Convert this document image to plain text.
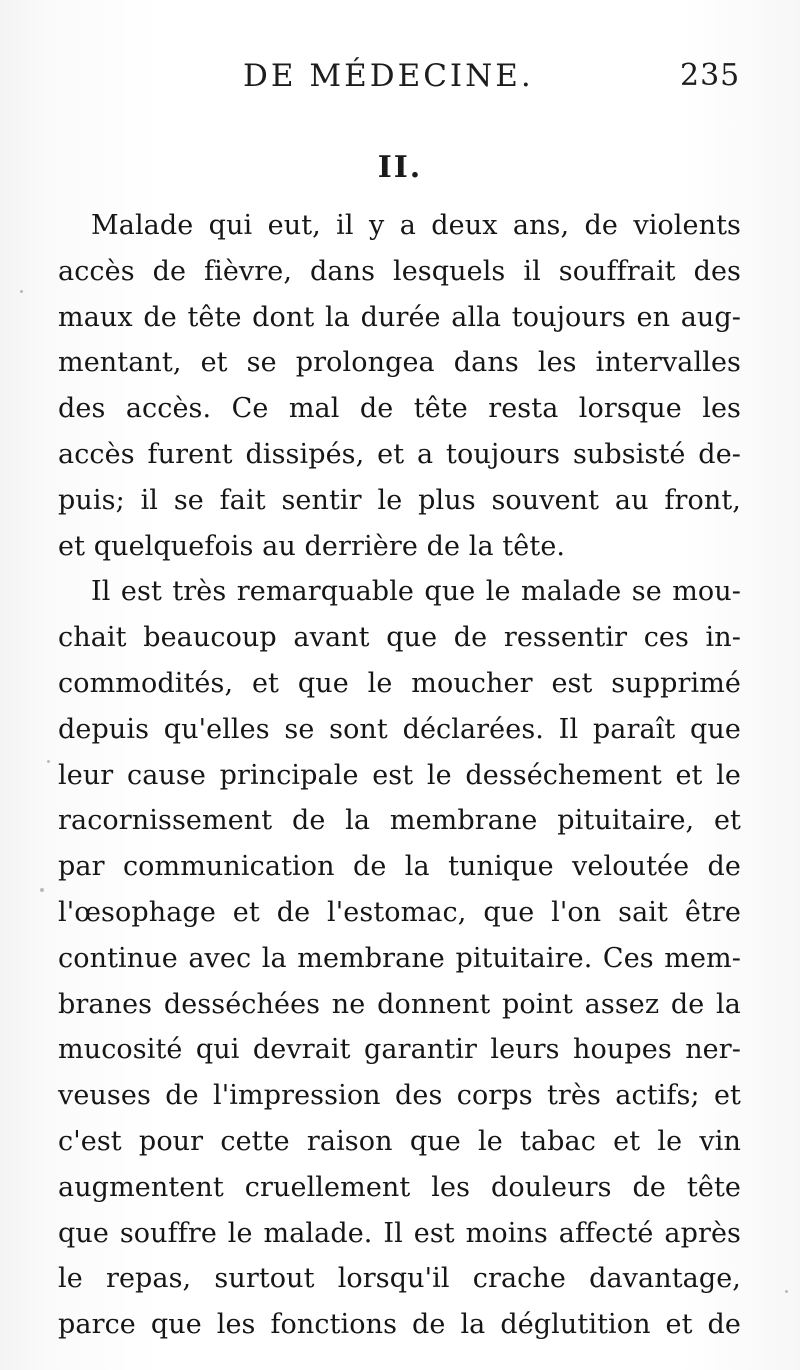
DE MÉDECINE.	235
II.
Malade qui eut, il y a deux ans, de violents
accès de fièvre, dans lesquels il souffrait des
maux de tête dont la durée alla toujours en aug-
mentant, et se prolongea dans les intervalles
des accès. Ce mal de tête resta lorsque les
accès furent dissipés, et a toujours subsisté de-
puis; il se fait sentir le plus souvent au front,
et quelquefois au derrière de la tête.
Il est très remarquable que le malade se mou-
chait beaucoup avant que de ressentir ces in-
commodités, et que le moucher est supprimé
depuis qu'elles se sont déclarées. Il paraît que
leur cause principale est le desséchement et le
racornissement de la membrane pituitaire, et
par communication de la tunique veloutée de
l'œsophage et de l'estomac, que l'on sait être
continue avec la membrane pituitaire. Ces mem-
branes desséchées ne donnent point assez de la
mucosité qui devrait garantir leurs houpes ner-
veuses de l'impression des corps très actifs; et
c'est pour cette raison que le tabac et le vin
augmentent cruellement les douleurs de tête
que souffre le malade. Il est moins affecté après
le repas, surtout lorsqu'il crache davantage,
parce que les fonctions de la déglutition et de
